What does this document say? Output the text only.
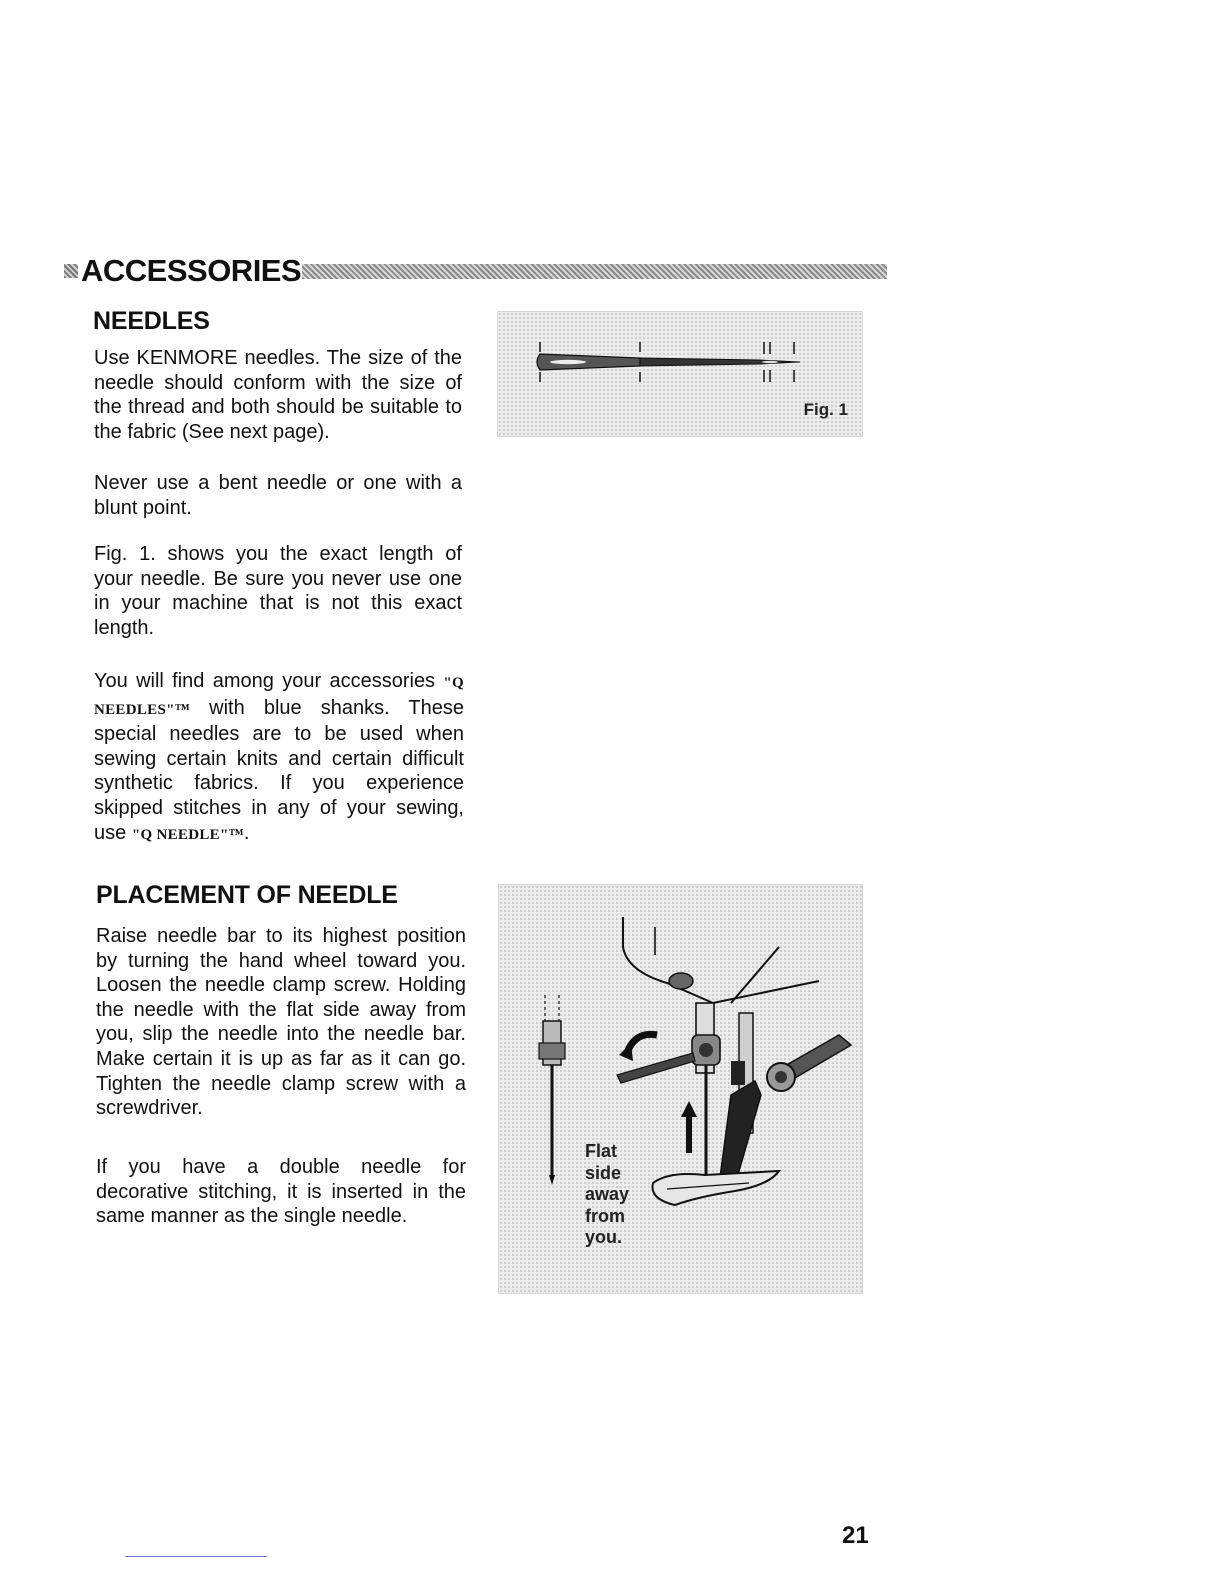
ACCESSORIES
NEEDLES

Use KENMORE needles. The size of the needle should conform with the size of the thread and both should be suitable to the fabric (See next page).

Never use a bent needle or one with a blunt point.

Fig. 1. shows you the exact length of your needle. Be sure you never use one in your machine that is not this exact length.

You will find among your accessories "Q NEEDLES"™ with blue shanks. These special needles are to be used when sewing certain knits and certain difficult synthetic fabrics. If you experience skipped stitches in any of your sewing, use "Q NEEDLE"™.

Fig. 1
PLACEMENT OF NEEDLE

Raise needle bar to its highest position by turning the hand wheel toward you. Loosen the needle clamp screw. Holding the needle with the flat side away from you, slip the needle into the needle bar. Make certain it is up as far as it can go. Tighten the needle clamp screw with a screwdriver.

If you have a double needle for decorative stitching, it is inserted in the same manner as the single needle.

Flat
side
away
from
you.
21
